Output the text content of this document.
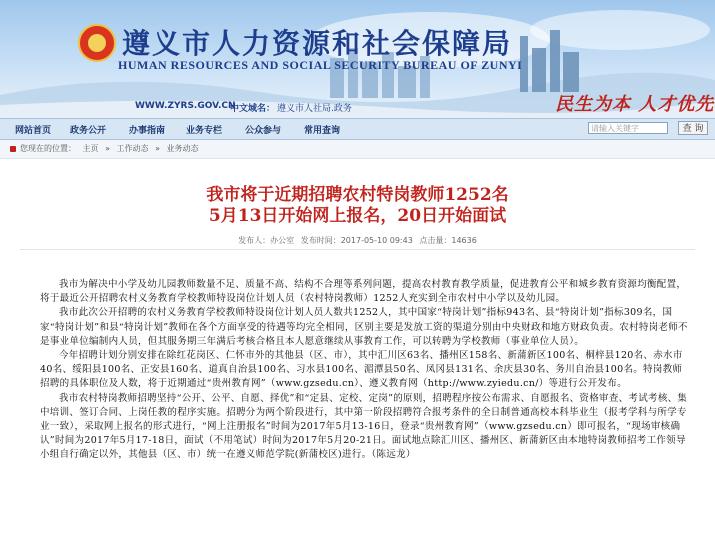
遵义市人力资源和社会保障局
HUMAN RESOURCES AND SOCIAL SECURITY BUREAU OF ZUNYI
WWW.ZYRS.GOV.CN
中文域名： 遵义市人社局.政务	民生为本 人才优先
网站首页 政务公开	办事指南 业务专栏	公众参与	常用查询	请输入关键字	查 询
您现在的位置： 主页 » 工作动态 » 业务动态
我市将于近期招聘农村特岗教师1252名
5月13日开始网上报名，20日开始面试
发布人：办公室 发布时间：2017-05-10 09:43 点击量：14636

我市为解决中小学及幼儿园教师数量不足、质量不高、结构不合理等系列问题，提高农村教育教学质量，促进教育公平和城乡教育资源均衡配置，将于最近公开招聘农村义务教育学校教师特设岗位计划人员（农村特岗教师）1252人充实到全市农村中小学以及幼儿园。

我市此次公开招聘的农村义务教育学校教师特设岗位计划人员人数共1252人，其中国家“特岗计划”指标943名、县“特岗计划”指标309名，国家“特岗计划”和县“特岗计划”教师在各个方面享受的待遇等均完全相同，区别主要是发放工资的渠道分别由中央财政和地方财政负责。农村特岗老师不是事业单位编制内人员，但其服务期三年满后考核合格且本人愿意继续从事教育工作，可以转聘为学校教师（事业单位人员）。

今年招聘计划分别安排在除红花岗区、仁怀市外的其他县（区、市），其中汇川区63名、播州区158名、新蒲新区100名、桐梓县120名、赤水市40名、绥阳县100名、正安县160名、道真自治县100名、习水县100名、湄潭县50名、凤冈县131名、余庆县30名、务川自治县100名。特岗教师招聘的具体职位及人数，将于近期通过“贵州教育网”（www.gzsedu.cn）、遵义教育网（http://www.zyiedu.cn/）等进行公开发布。

我市农村特岗教师招聘坚持“公开、公平、自愿、择优”和“定县、定校、定岗”的原则，招聘程序按公布需求、自愿报名、资格审查、考试考核、集中培训、签订合同、上岗任教的程序实施。招聘分为两个阶段进行，其中第一阶段招聘符合报考条件的全日制普通高校本科毕业生（报考学科与所学专业一致），采取网上报名的形式进行，“网上注册报名”时间为2017年5月13-16日，登录“贵州教育网”（www.gzsedu.cn）即可报名，“现场审核确认”时间为2017年5月17-18日，面试（不用笔试）时间为2017年5月20-21日。面试地点除汇川区、播州区、新蒲新区由本地特岗教师招考工作领导小组自行确定以外，其他县（区、市）统一在遵义师范学院(新蒲校区)进行。（陈远龙）
